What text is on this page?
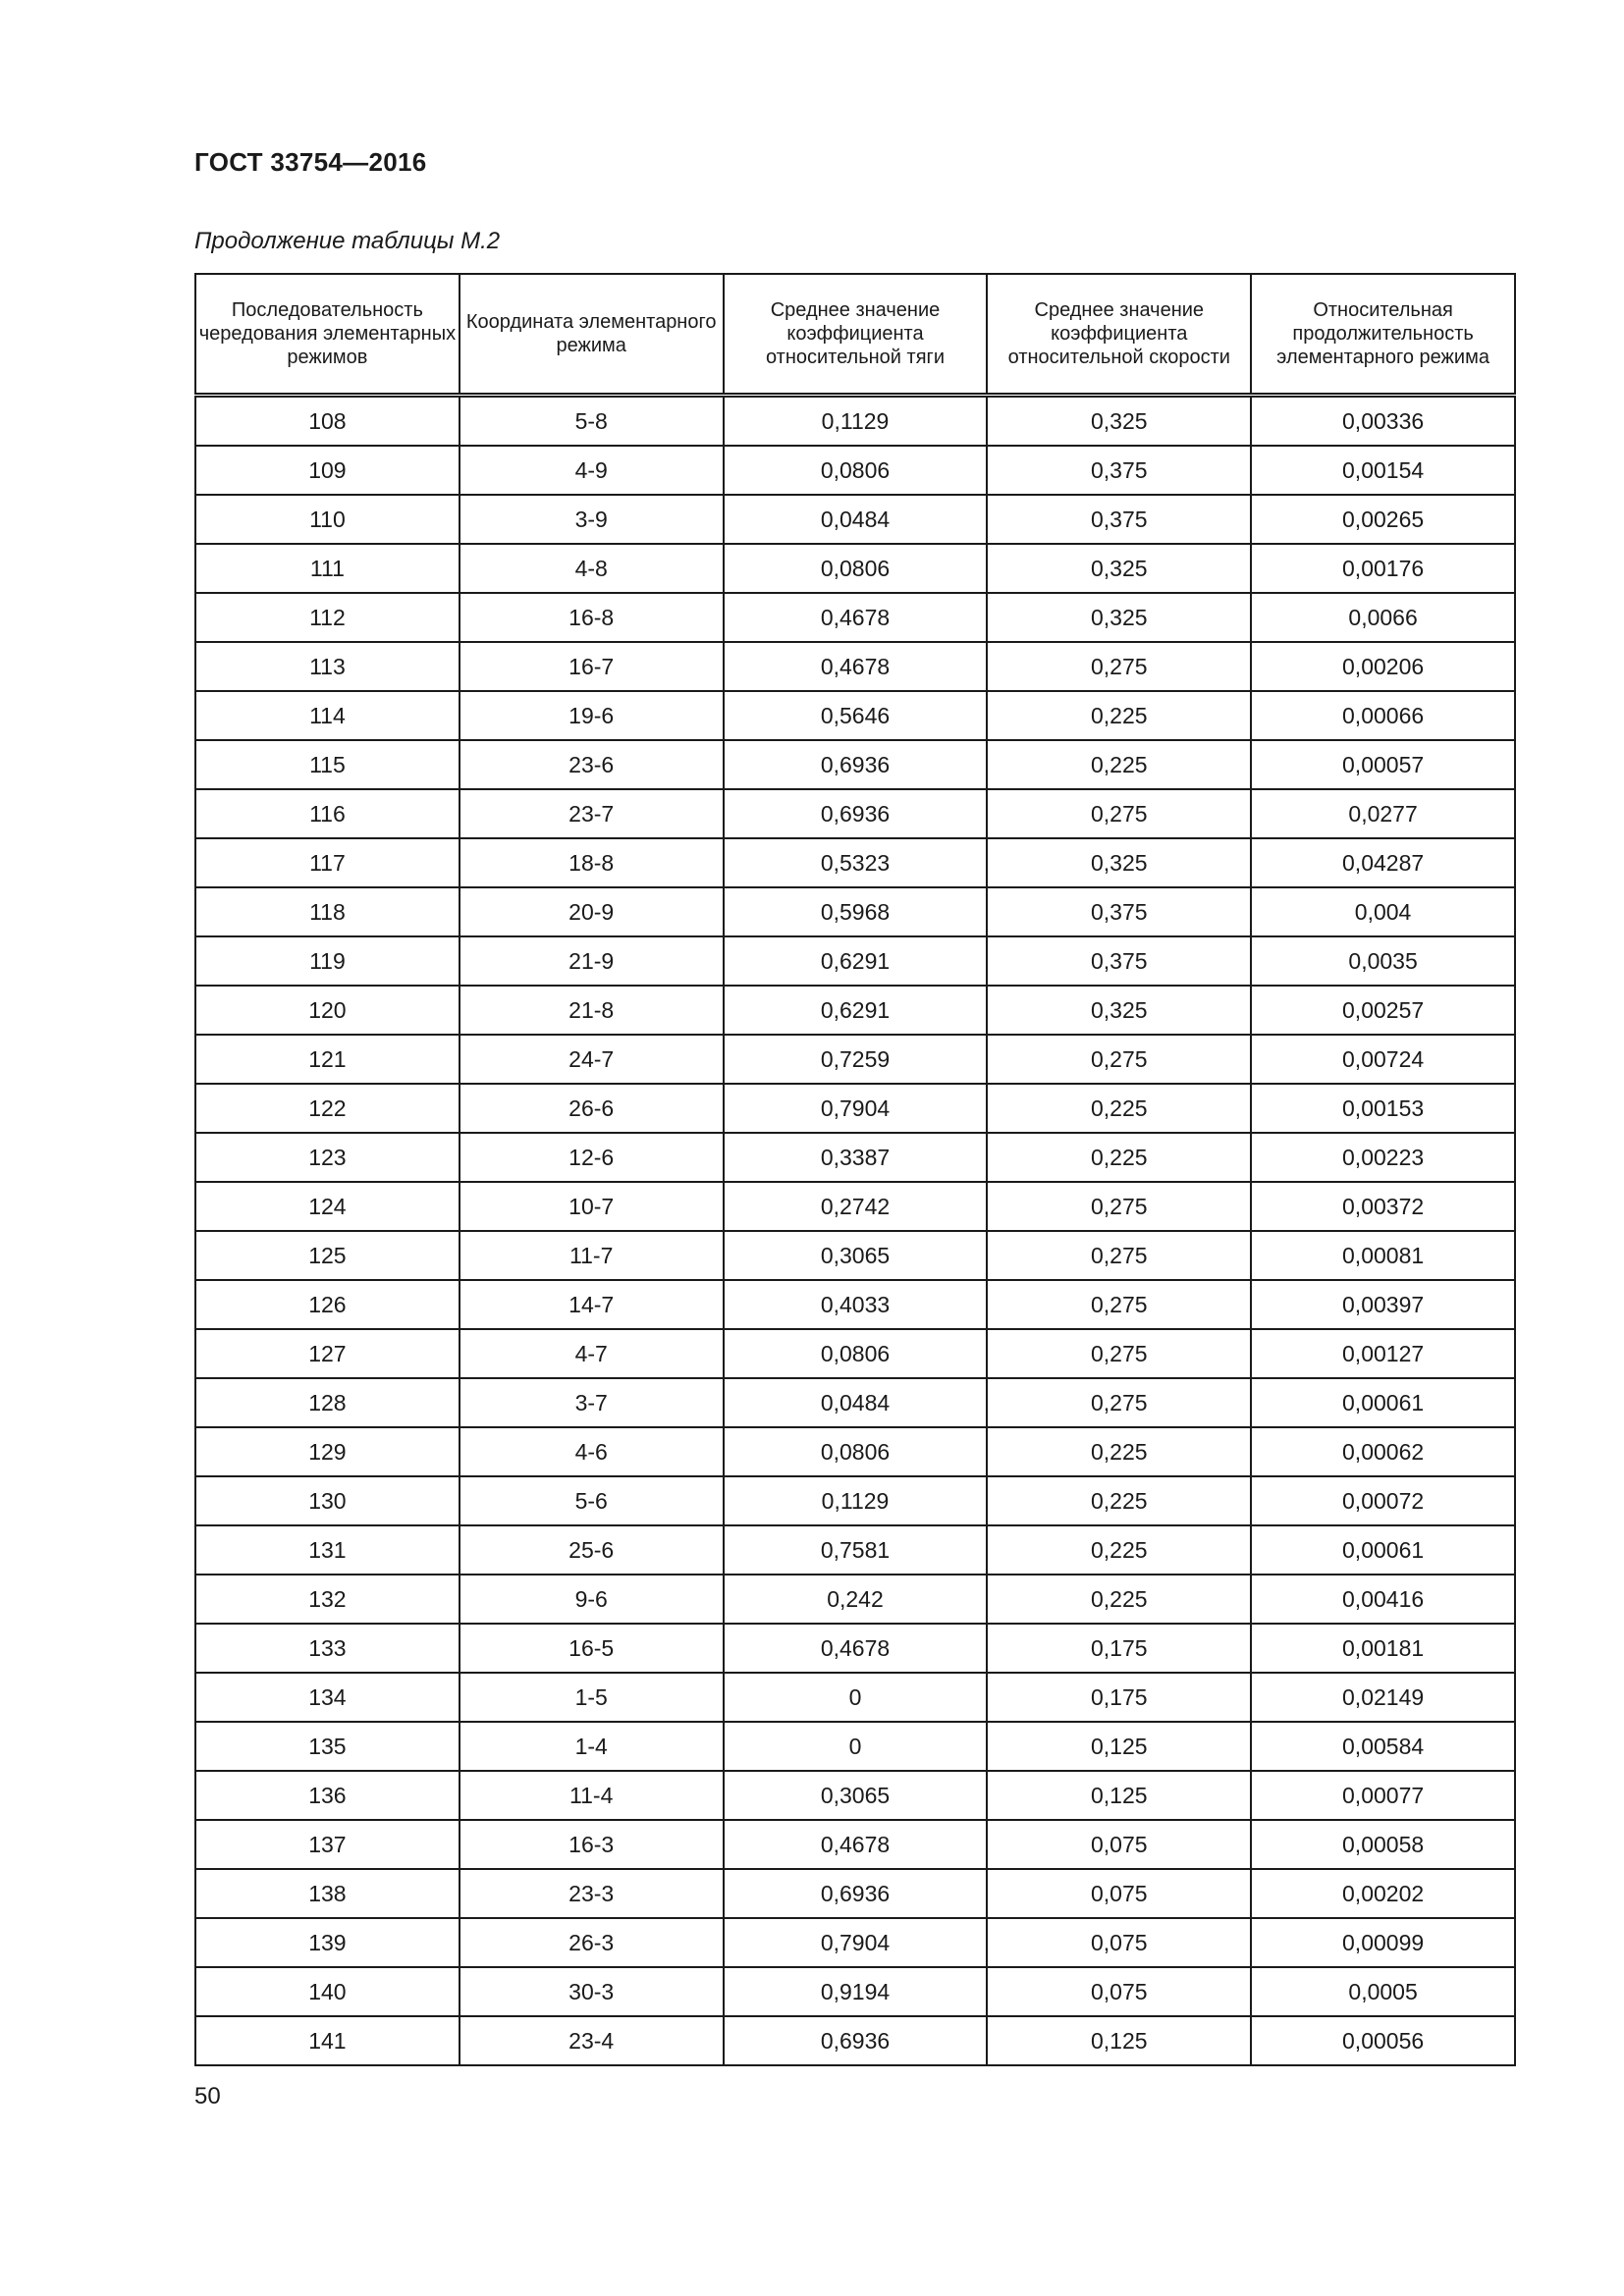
ГОСТ 33754—2016
Продолжение таблицы М.2
Последовательность чередования элементарных режимов	Координата элементарного режима	Среднее значение коэффициента относительной тяги	Среднее значение коэффициента относительной скорости	Относительная продолжительность элементарного режима
108	5-8	0,1129	0,325	0,00336
109	4-9	0,0806	0,375	0,00154
110	3-9	0,0484	0,375	0,00265
111	4-8	0,0806	0,325	0,00176
112	16-8	0,4678	0,325	0,0066
113	16-7	0,4678	0,275	0,00206
114	19-6	0,5646	0,225	0,00066
115	23-6	0,6936	0,225	0,00057
116	23-7	0,6936	0,275	0,0277
117	18-8	0,5323	0,325	0,04287
118	20-9	0,5968	0,375	0,004
119	21-9	0,6291	0,375	0,0035
120	21-8	0,6291	0,325	0,00257
121	24-7	0,7259	0,275	0,00724
122	26-6	0,7904	0,225	0,00153
123	12-6	0,3387	0,225	0,00223
124	10-7	0,2742	0,275	0,00372
125	11-7	0,3065	0,275	0,00081
126	14-7	0,4033	0,275	0,00397
127	4-7	0,0806	0,275	0,00127
128	3-7	0,0484	0,275	0,00061
129	4-6	0,0806	0,225	0,00062
130	5-6	0,1129	0,225	0,00072
131	25-6	0,7581	0,225	0,00061
132	9-6	0,242	0,225	0,00416
133	16-5	0,4678	0,175	0,00181
134	1-5	0	0,175	0,02149
135	1-4	0	0,125	0,00584
136	11-4	0,3065	0,125	0,00077
137	16-3	0,4678	0,075	0,00058
138	23-3	0,6936	0,075	0,00202
139	26-3	0,7904	0,075	0,00099
140	30-3	0,9194	0,075	0,0005
141	23-4	0,6936	0,125	0,00056
50
